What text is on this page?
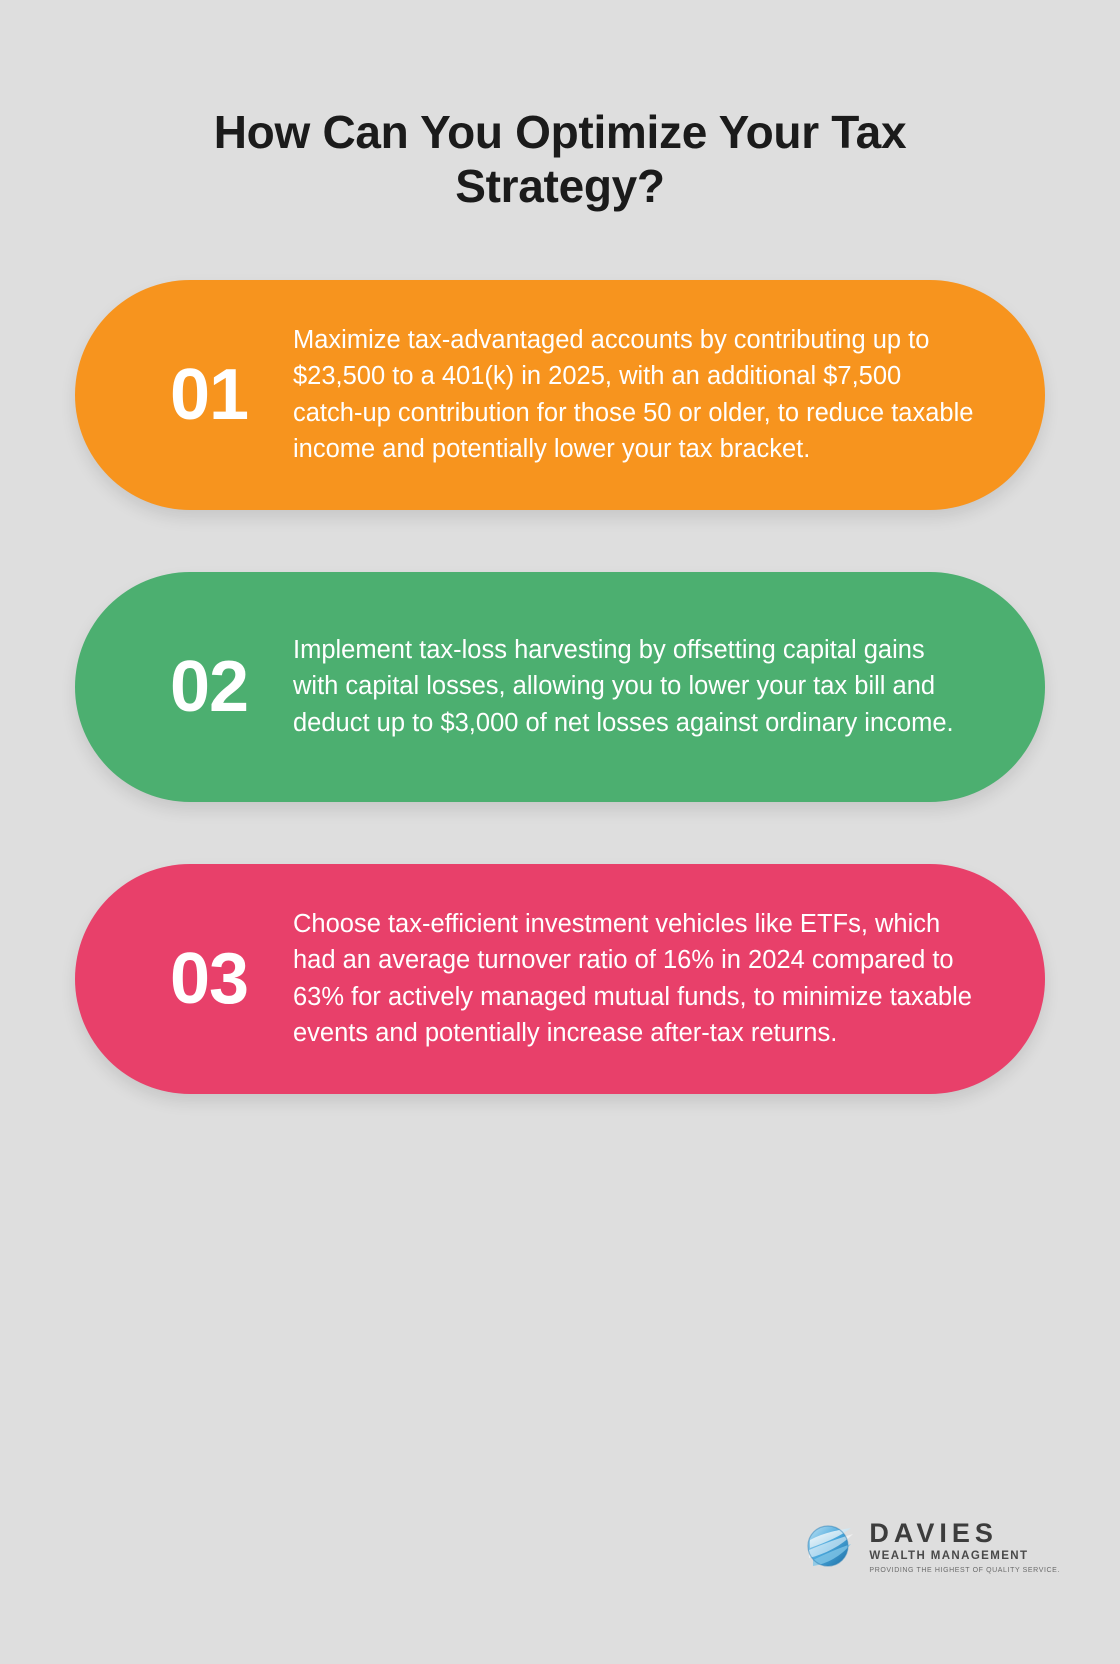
How Can You Optimize Your Tax Strategy?
01
Maximize tax-advantaged accounts by contributing up to $23,500 to a 401(k) in 2025, with an additional $7,500 catch-up contribution for those 50 or older, to reduce taxable income and potentially lower your tax bracket.
02	Implement tax-loss harvesting by offsetting capital gains with capital losses, allowing you to lower your tax bill and deduct up to $3,000 of net losses against ordinary income.
03
Choose tax-efficient investment vehicles like ETFs, which had an average turnover ratio of 16% in 2024 compared to 63% for actively managed mutual funds, to minimize taxable events and potentially increase after-tax returns.
DAVIES
WEALTH MANAGEMENT
PROVIDING THE HIGHEST OF QUALITY SERVICE.
